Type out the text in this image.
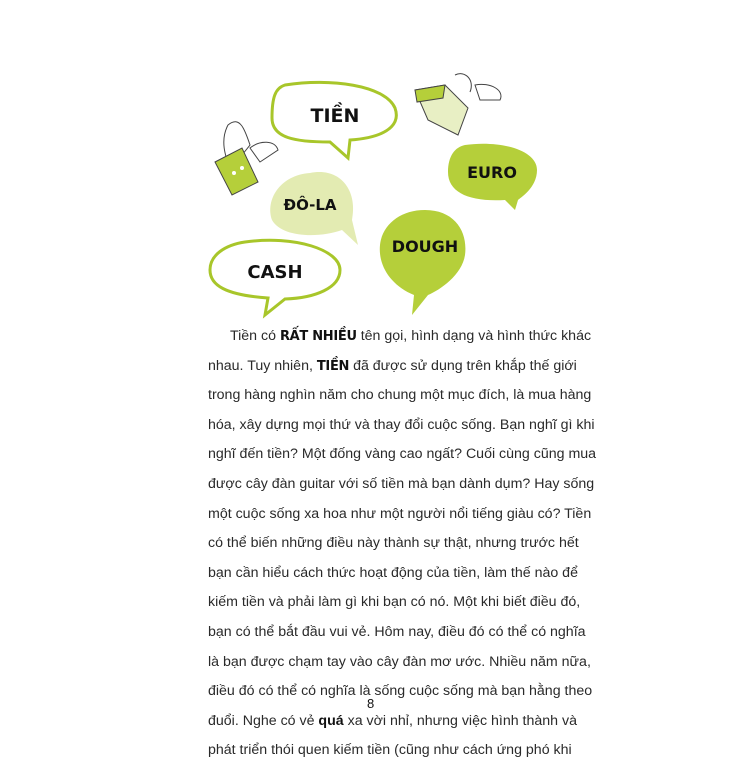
TIỀN
ĐÔ-LA
EURO
DOUGH
CASH
Tiền có RẤT NHIỀU tên gọi, hình dạng và hình thức khác
nhau. Tuy nhiên, TIỀN đã được sử dụng trên khắp thế giới
trong hàng nghìn năm cho chung một mục đích, là mua hàng
hóa, xây dựng mọi thứ và thay đổi cuộc sống. Bạn nghĩ gì khi
nghĩ đến tiền? Một đống vàng cao ngất? Cuối cùng cũng mua
được cây đàn guitar với số tiền mà bạn dành dụm? Hay sống
một cuộc sống xa hoa như một người nổi tiếng giàu có? Tiền
có thể biến những điều này thành sự thật, nhưng trước hết
bạn cần hiểu cách thức hoạt động của tiền, làm thế nào để
kiếm tiền và phải làm gì khi bạn có nó. Một khi biết điều đó,
bạn có thể bắt đầu vui vẻ. Hôm nay, điều đó có thể có nghĩa
là bạn được chạm tay vào cây đàn mơ ước. Nhiều năm nữa,
điều đó có thể có nghĩa là sống cuộc sống mà bạn hằng theo
đuổi. Nghe có vẻ quá xa vời nhỉ, nhưng việc hình thành và
phát triển thói quen kiếm tiền (cũng như cách ứng phó khi
8
